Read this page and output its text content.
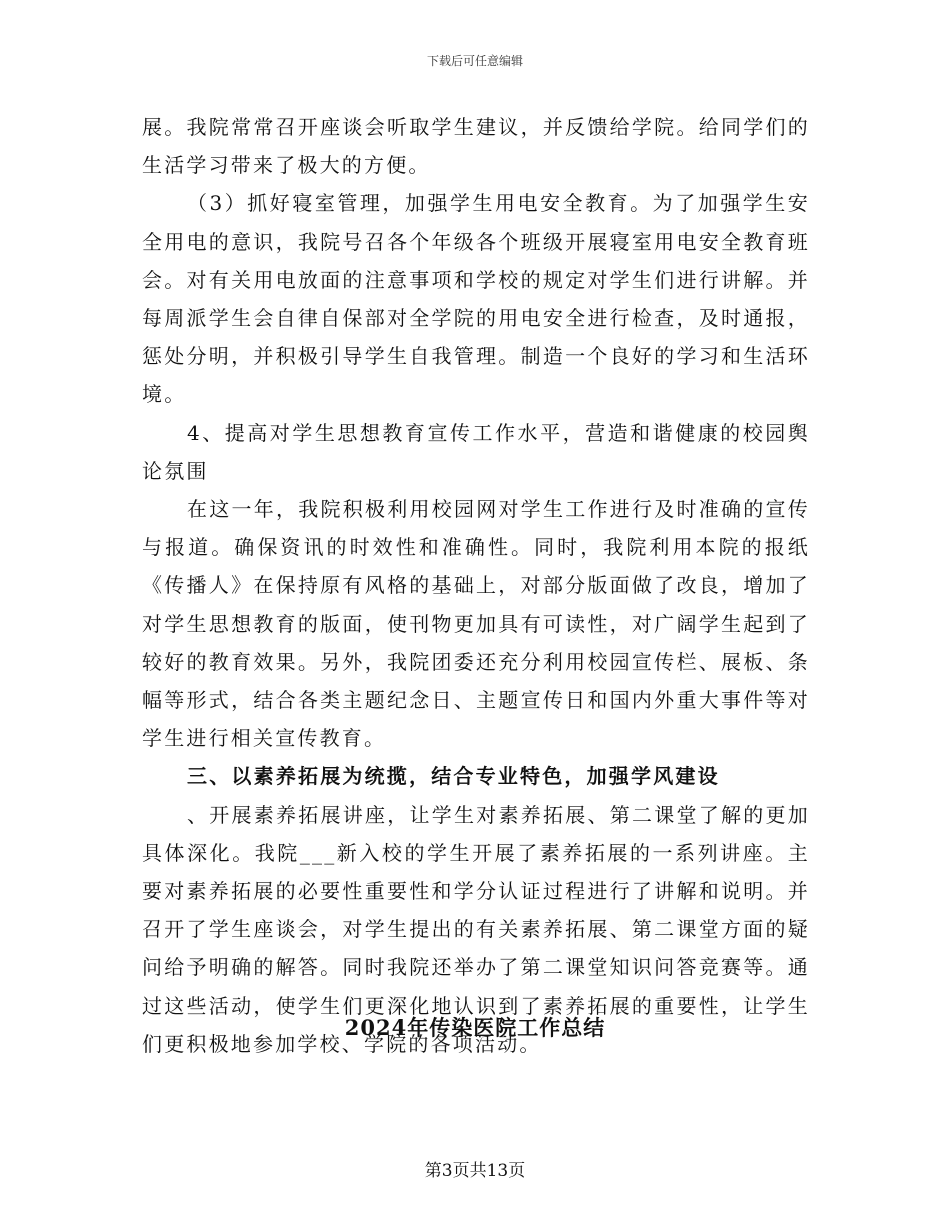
下载后可任意编辑

展。我院常常召开座谈会听取学生建议，并反馈给学院。给同学们的生活学习带来了极大的方便。

（3）抓好寝室管理，加强学生用电安全教育。为了加强学生安全用电的意识，我院号召各个年级各个班级开展寝室用电安全教育班会。对有关用电放面的注意事项和学校的规定对学生们进行讲解。并每周派学生会自律自保部对全学院的用电安全进行检查，及时通报，惩处分明，并积极引导学生自我管理。制造一个良好的学习和生活环境。

4、提高对学生思想教育宣传工作水平，营造和谐健康的校园舆论氛围

在这一年，我院积极利用校园网对学生工作进行及时准确的宣传与报道。确保资讯的时效性和准确性。同时，我院利用本院的报纸《传播人》在保持原有风格的基础上，对部分版面做了改良，增加了对学生思想教育的版面，使刊物更加具有可读性，对广阔学生起到了较好的教育效果。另外，我院团委还充分利用校园宣传栏、展板、条幅等形式，结合各类主题纪念日、主题宣传日和国内外重大事件等对学生进行相关宣传教育。

三、以素养拓展为统揽，结合专业特色，加强学风建设

、开展素养拓展讲座，让学生对素养拓展、第二课堂了解的更加具体深化。我院___新入校的学生开展了素养拓展的一系列讲座。主要对素养拓展的必要性重要性和学分认证过程进行了讲解和说明。并召开了学生座谈会，对学生提出的有关素养拓展、第二课堂方面的疑问给予明确的解答。同时我院还举办了第二课堂知识问答竞赛等。通过这些活动，使学生们更深化地认识到了素养拓展的重要性，让学生们更积极地参加学校、学院的各项活动。

2024年传染医院工作总结
第3页共13页
